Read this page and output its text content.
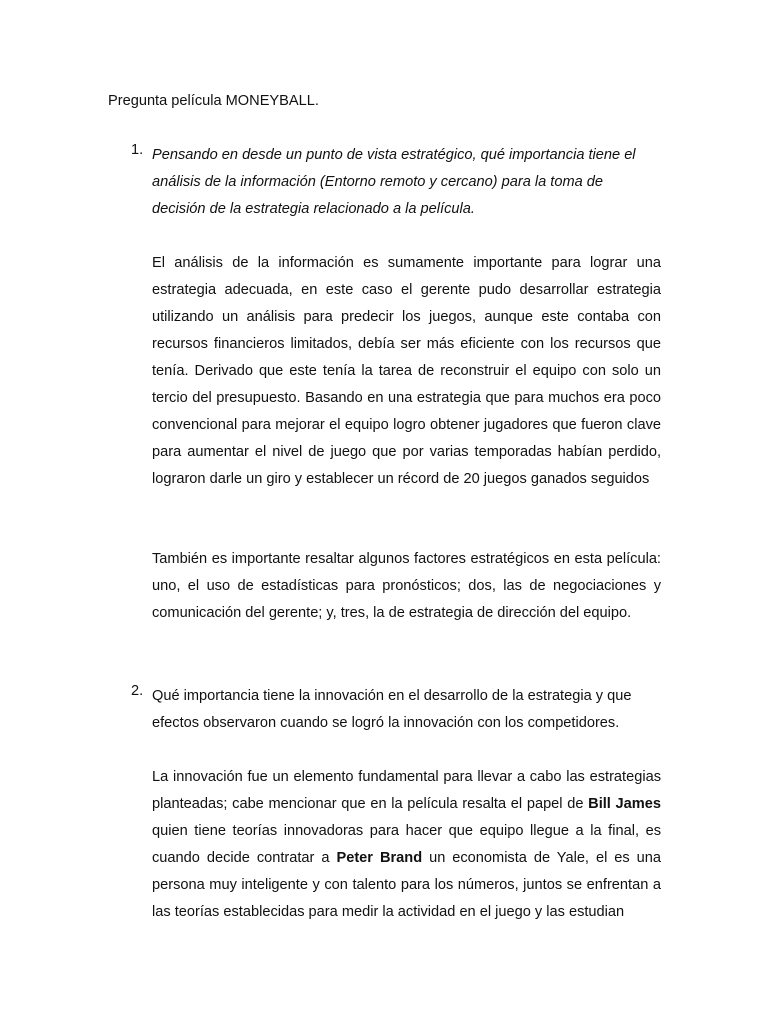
Pregunta película MONEYBALL.

1. Pensando en desde un punto de vista estratégico, qué importancia tiene el análisis de la información (Entorno remoto y cercano) para la toma de decisión de la estrategia relacionado a la película.

El análisis de la información es sumamente importante para lograr una estrategia adecuada, en este caso el gerente pudo desarrollar estrategia utilizando un análisis para predecir los juegos, aunque este contaba con recursos financieros limitados, debía ser más eficiente con los recursos que tenía. Derivado que este tenía la tarea de reconstruir el equipo con solo un tercio del presupuesto. Basando en una estrategia que para muchos era poco convencional para mejorar el equipo logro obtener jugadores que fueron clave para aumentar el nivel de juego que por varias temporadas habían perdido, lograron darle un giro y establecer un récord de 20 juegos ganados seguidos

También es importante resaltar algunos factores estratégicos en esta película: uno, el uso de estadísticas para pronósticos; dos, las de negociaciones y comunicación del gerente; y, tres, la de estrategia de dirección del equipo.

2. Qué importancia tiene la innovación en el desarrollo de la estrategia y que efectos observaron cuando se logró la innovación con los competidores.

La innovación fue un elemento fundamental para llevar a cabo las estrategias planteadas; cabe mencionar que en la película resalta el papel de Bill James quien tiene teorías innovadoras para hacer que equipo llegue a la final, es cuando decide contratar a Peter Brand un economista de Yale, el es una persona muy inteligente y con talento para los números, juntos se enfrentan a las teorías establecidas para medir la actividad en el juego y las estudian
